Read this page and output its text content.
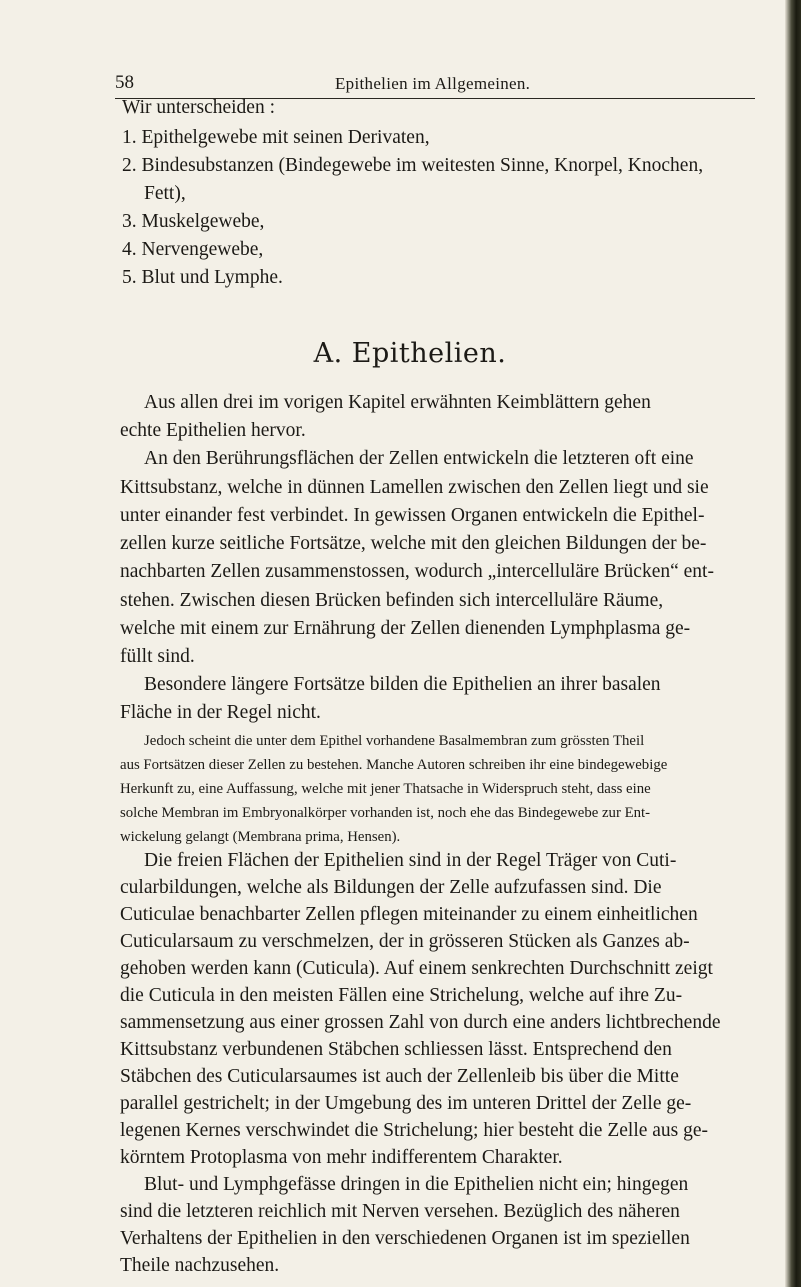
58	Epithelien im Allgemeinen.
Wir unterscheiden :
1. Epithelgewebe mit seinen Derivaten,
2. Bindesubstanzen (Bindegewebe im weitesten Sinne, Knorpel, Knochen,
Fett),
3. Muskelgewebe,
4. Nervengewebe,
5. Blut und Lymphe.
A. Epithelien.
Aus allen drei im vorigen Kapitel erwähnten Keimblättern gehen
echte Epithelien hervor.
An den Berührungsflächen der Zellen entwickeln die letzteren oft eine
Kittsubstanz, welche in dünnen Lamellen zwischen den Zellen liegt und sie
unter einander fest verbindet. In gewissen Organen entwickeln die Epithel-
zellen kurze seitliche Fortsätze, welche mit den gleichen Bildungen der be-
nachbarten Zellen zusammenstossen, wodurch „intercelluläre Brücken“ ent-
stehen. Zwischen diesen Brücken befinden sich intercelluläre Räume,
welche mit einem zur Ernährung der Zellen dienenden Lymphplasma ge-
füllt sind.
Besondere längere Fortsätze bilden die Epithelien an ihrer basalen
Fläche in der Regel nicht.
Jedoch scheint die unter dem Epithel vorhandene Basalmembran zum grössten Theil
aus Fortsätzen dieser Zellen zu bestehen. Manche Autoren schreiben ihr eine bindegewebige
Herkunft zu, eine Auffassung, welche mit jener Thatsache in Widerspruch steht, dass eine
solche Membran im Embryonalkörper vorhanden ist, noch ehe das Bindegewebe zur Ent-
wickelung gelangt (Membrana prima, Hensen).
Die freien Flächen der Epithelien sind in der Regel Träger von Cuti-
cularbildungen, welche als Bildungen der Zelle aufzufassen sind. Die
Cuticulae benachbarter Zellen pflegen miteinander zu einem einheitlichen
Cuticularsaum zu verschmelzen, der in grösseren Stücken als Ganzes ab-
gehoben werden kann (Cuticula). Auf einem senkrechten Durchschnitt zeigt
die Cuticula in den meisten Fällen eine Strichelung, welche auf ihre Zu-
sammensetzung aus einer grossen Zahl von durch eine anders lichtbrechende
Kittsubstanz verbundenen Stäbchen schliessen lässt. Entsprechend den
Stäbchen des Cuticularsaumes ist auch der Zellenleib bis über die Mitte
parallel gestrichelt; in der Umgebung des im unteren Drittel der Zelle ge-
legenen Kernes verschwindet die Strichelung; hier besteht die Zelle aus ge-
körntem Protoplasma von mehr indifferentem Charakter.
Blut- und Lymphgefässe dringen in die Epithelien nicht ein; hingegen
sind die letzteren reichlich mit Nerven versehen. Bezüglich des näheren
Verhaltens der Epithelien in den verschiedenen Organen ist im speziellen
Theile nachzusehen.
